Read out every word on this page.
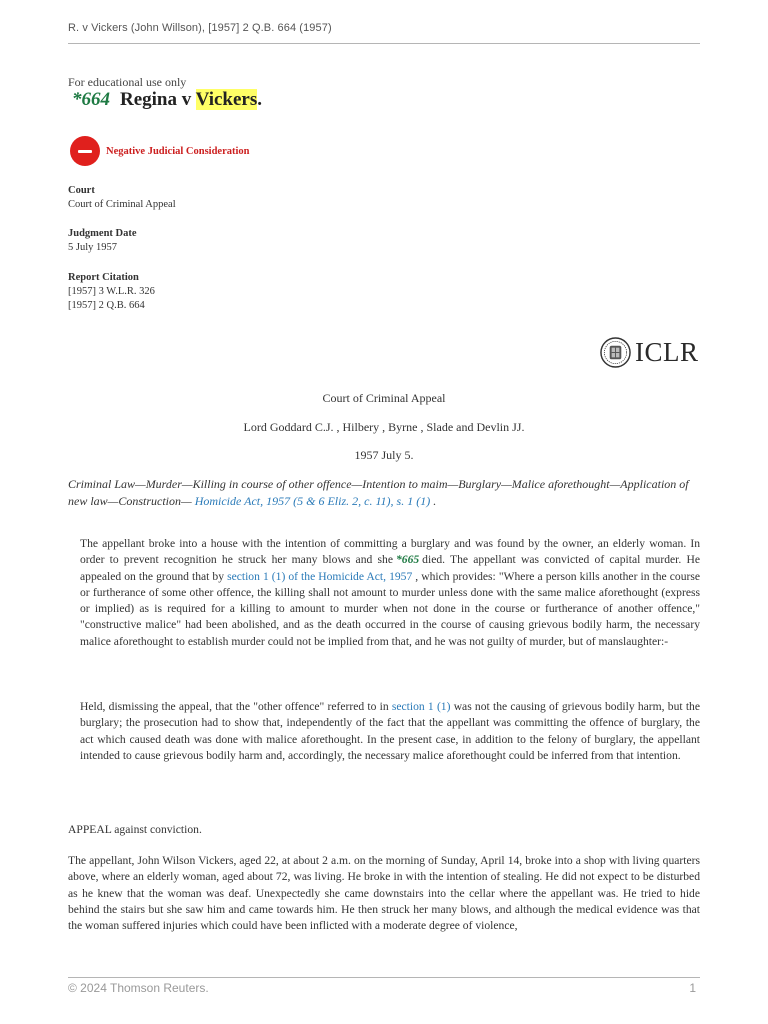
R. v Vickers (John Willson), [1957] 2 Q.B. 664 (1957)
For educational use only
*664 Regina v Vickers.
Negative Judicial Consideration
Court
Court of Criminal Appeal
Judgment Date
5 July 1957
Report Citation
[1957] 3 W.L.R. 326
[1957] 2 Q.B. 664
ICLR
Court of Criminal Appeal
Lord Goddard C.J. , Hilbery , Byrne , Slade and Devlin JJ.
1957 July 5.
Criminal Law—Murder—Killing in course of other offence—Intention to maim—Burglary—Malice aforethought—Application of new law—Construction— Homicide Act, 1957 (5 & 6 Eliz. 2, c. 11), s. 1 (1) .
The appellant broke into a house with the intention of committing a burglary and was found by the owner, an elderly woman. In order to prevent recognition he struck her many blows and she *665 died. The appellant was convicted of capital murder. He appealed on the ground that by section 1 (1) of the Homicide Act, 1957 , which provides: "Where a person kills another in the course or furtherance of some other offence, the killing shall not amount to murder unless done with the same malice aforethought (express or implied) as is required for a killing to amount to murder when not done in the course or furtherance of another offence," "constructive malice" had been abolished, and as the death occurred in the course of causing grievous bodily harm, the necessary malice aforethought to establish murder could not be implied from that, and he was not guilty of murder, but of manslaughter:-
Held, dismissing the appeal, that the "other offence" referred to in section 1 (1) was not the causing of grievous bodily harm, but the burglary; the prosecution had to show that, independently of the fact that the appellant was committing the offence of burglary, the act which caused death was done with malice aforethought. In the present case, in addition to the felony of burglary, the appellant intended to cause grievous bodily harm and, accordingly, the necessary malice aforethought could be inferred from that intention.
APPEAL against conviction.
The appellant, John Wilson Vickers, aged 22, at about 2 a.m. on the morning of Sunday, April 14, broke into a shop with living quarters above, where an elderly woman, aged about 72, was living. He broke in with the intention of stealing. He did not expect to be disturbed as he knew that the woman was deaf. Unexpectedly she came downstairs into the cellar where the appellant was. He tried to hide behind the stairs but she saw him and came towards him. He then struck her many blows, and although the medical evidence was that the woman suffered injuries which could have been inflicted with a moderate degree of violence,
© 2024 Thomson Reuters.	1
